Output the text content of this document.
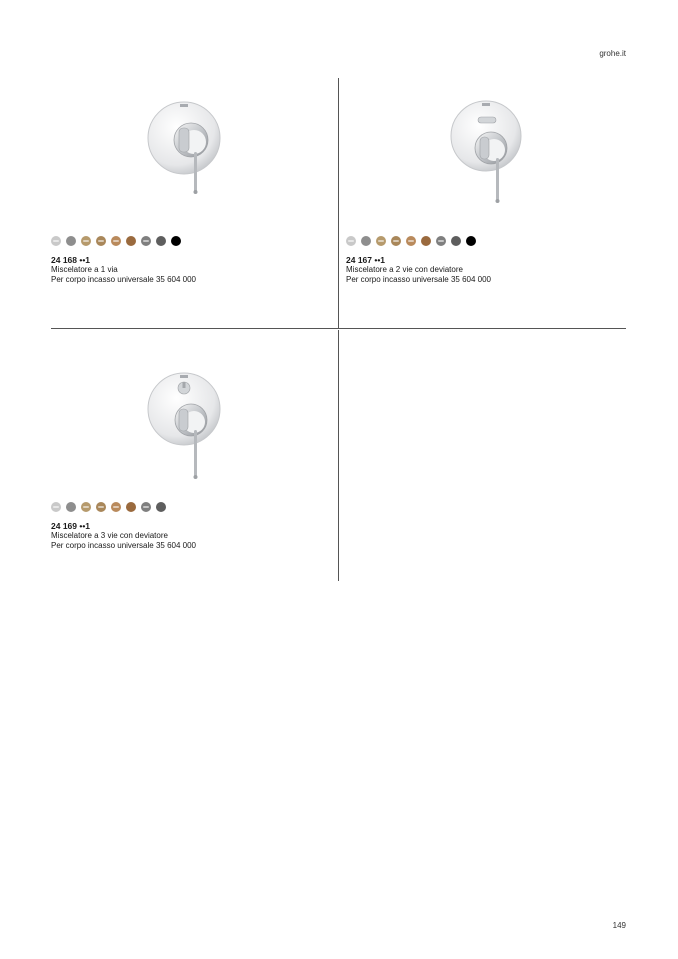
grohe.it
24 168 ••1
Miscelatore a 1 via
Per corpo incasso universale 35 604 000
24 167 ••1
Miscelatore a 2 vie con deviatore
Per corpo incasso universale 35 604 000
24 169 ••1
Miscelatore a 3 vie con deviatore
Per corpo incasso universale 35 604 000
149
